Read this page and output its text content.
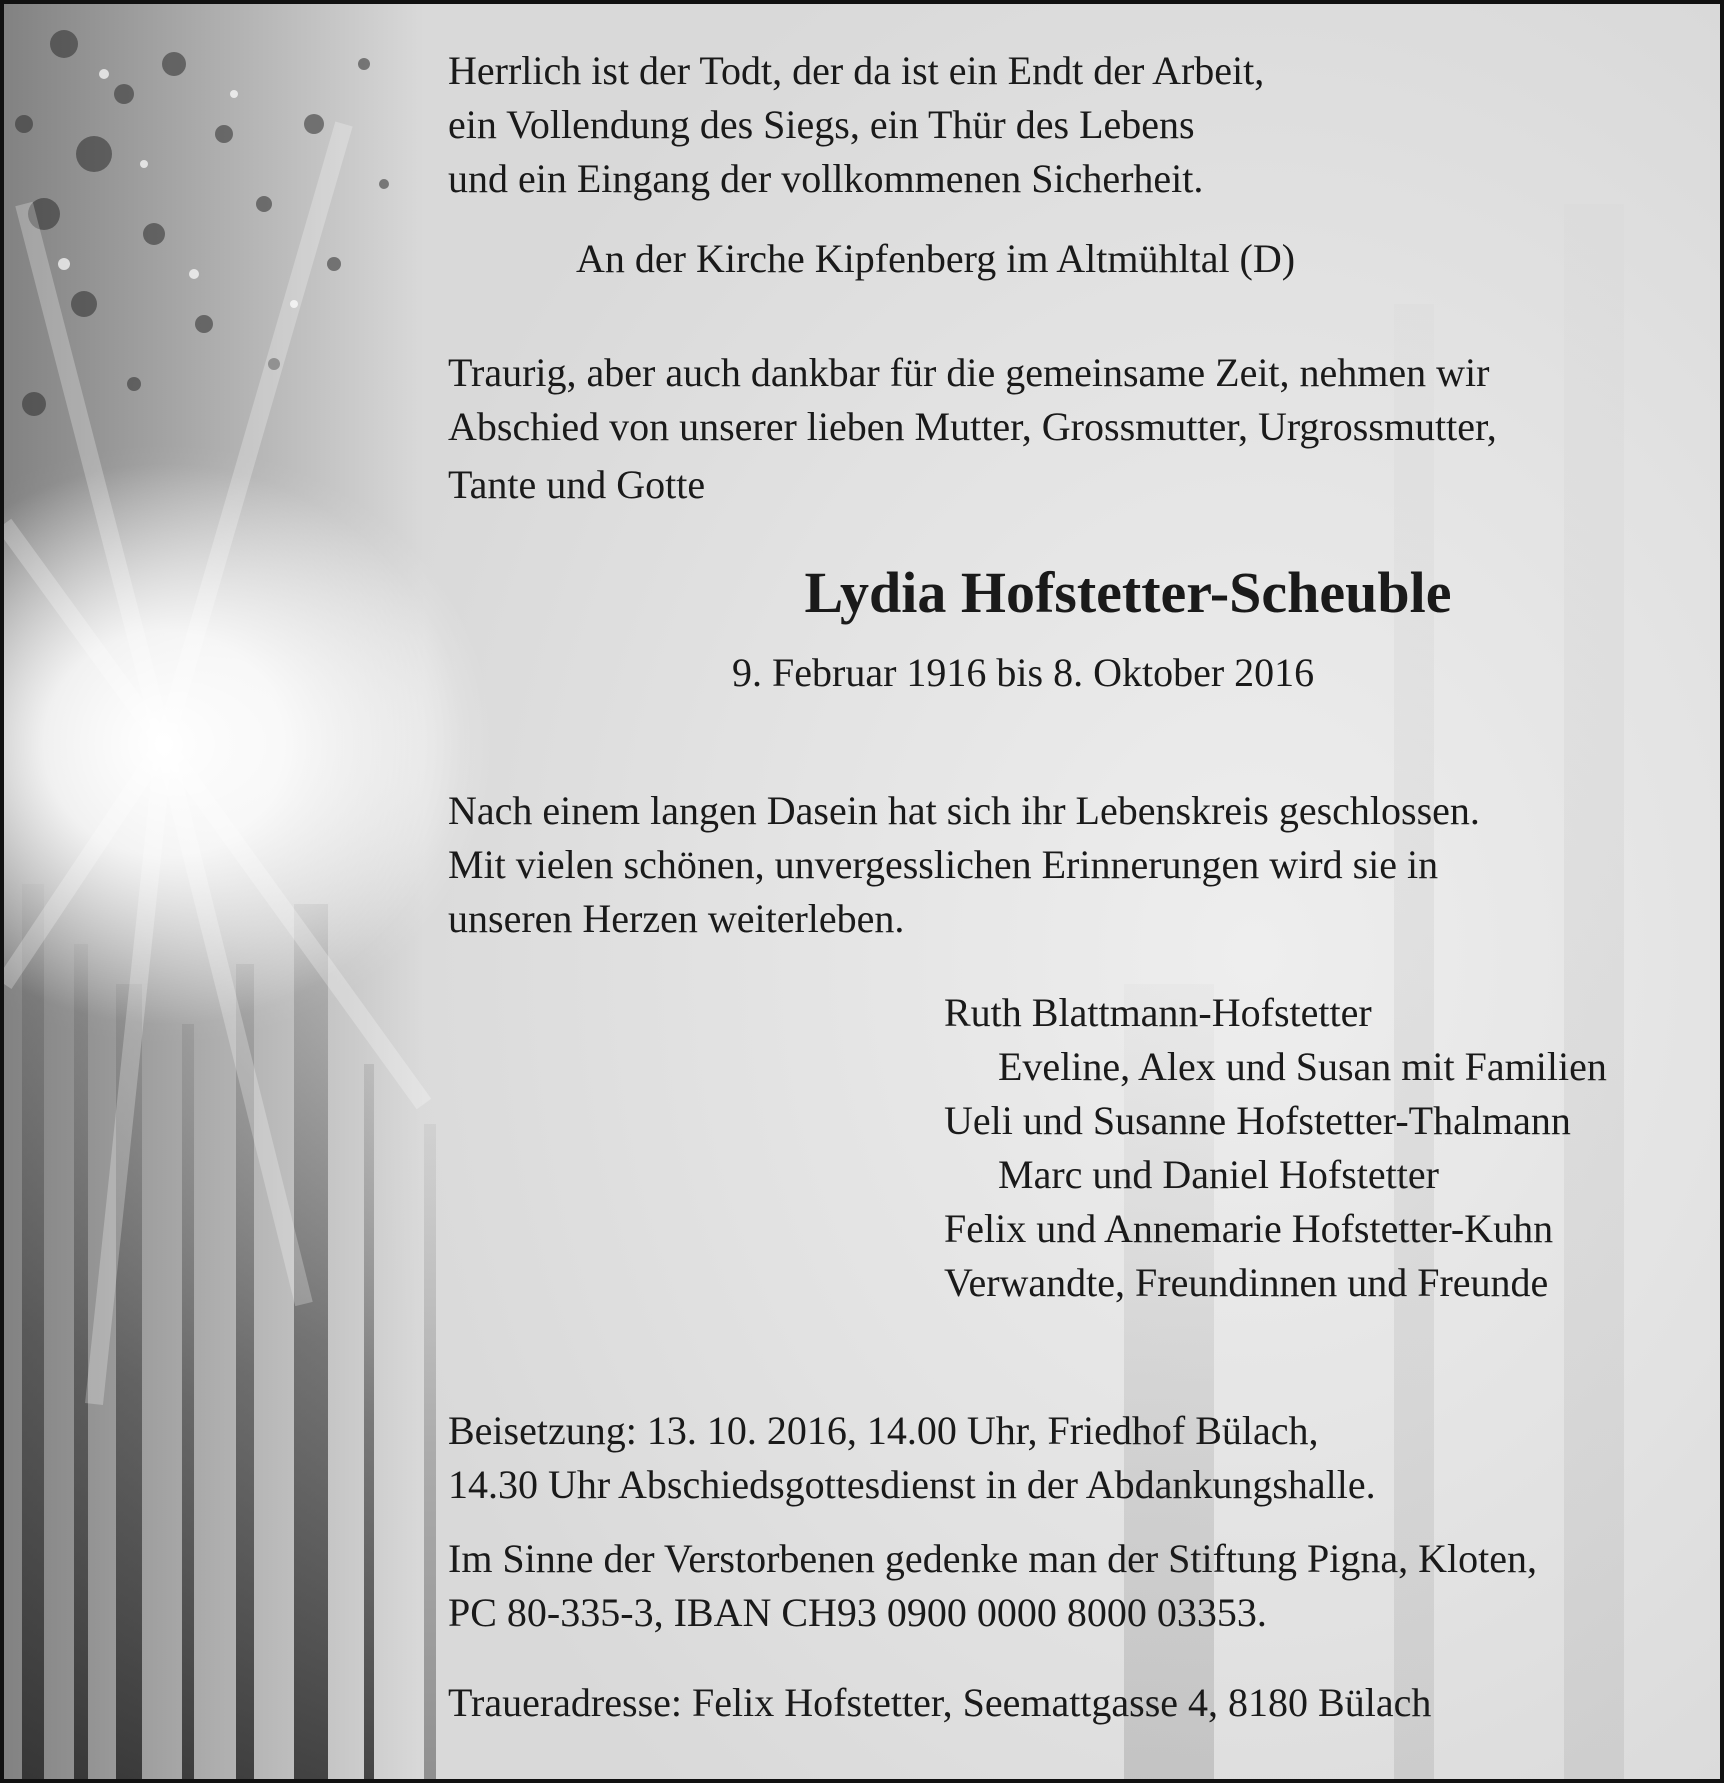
Herrlich ist der Todt, der da ist ein Endt der Arbeit,
ein Vollendung des Siegs, ein Thür des Lebens
und ein Eingang der vollkommenen Sicherheit.
An der Kirche Kipfenberg im Altmühltal (D)
Traurig, aber auch dankbar für die gemeinsame Zeit, nehmen wir
Abschied von unserer lieben Mutter, Grossmutter, Urgrossmutter,
Tante und Gotte
Lydia Hofstetter-Scheuble
9. Februar 1916 bis 8. Oktober 2016
Nach einem langen Dasein hat sich ihr Lebenskreis geschlossen.
Mit vielen schönen, unvergesslichen Erinnerungen wird sie in
unseren Herzen weiterleben.
Ruth Blattmann-Hofstetter
Eveline, Alex und Susan mit Familien
Ueli und Susanne Hofstetter-Thalmann
Marc und Daniel Hofstetter
Felix und Annemarie Hofstetter-Kuhn
Verwandte, Freundinnen und Freunde
Beisetzung: 13. 10. 2016, 14.00 Uhr, Friedhof Bülach,
14.30 Uhr Abschiedsgottesdienst in der Abdankungshalle.
Im Sinne der Verstorbenen gedenke man der Stiftung Pigna, Kloten,
PC 80-335-3, IBAN CH93 0900 0000 8000 03353.
Traueradresse: Felix Hofstetter, Seemattgasse 4, 8180 Bülach
